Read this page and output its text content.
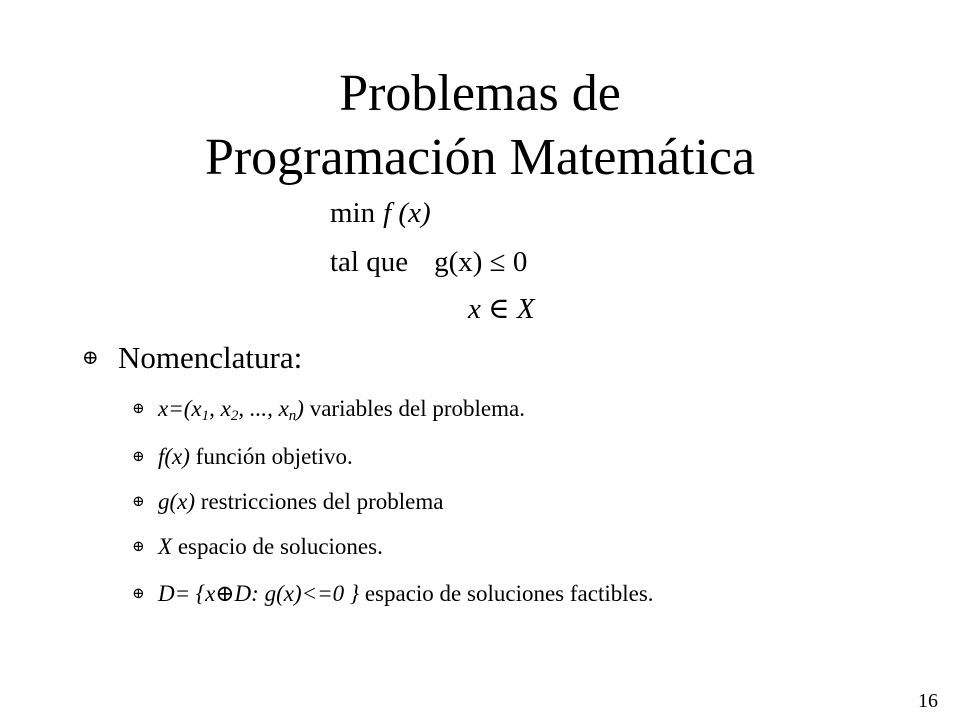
Problemas de
Programación Matemática
min f (x)
tal que g(x) ≤ 0
x ∈ X
⊕ Nomenclatura:
⊕ $x=(x_1$, $x_2$, ..., $x_n$) variables del problema.
⊕ f(x) función objetivo.
⊕ g(x) restricciones del problema
⊕ X espacio de soluciones.
⊕ D= {x⊕D: g(x)<=0 } espacio de soluciones factibles.
16
